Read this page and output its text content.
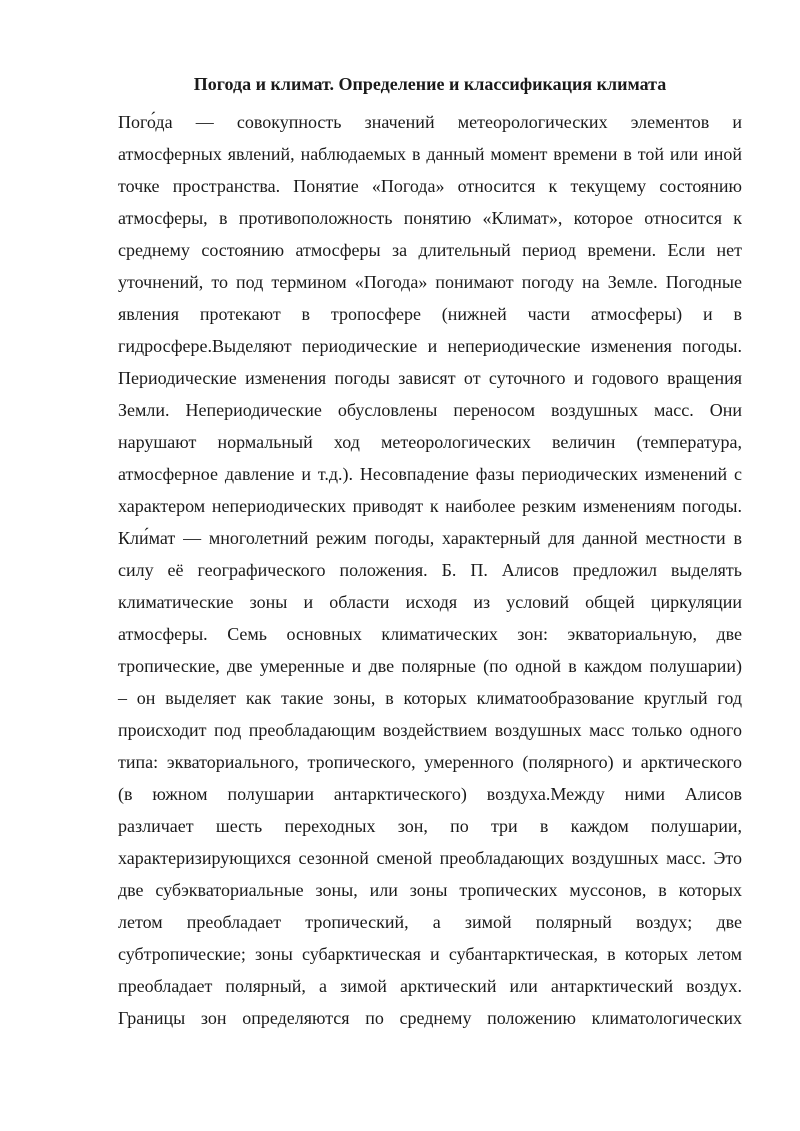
Погода и климат. Определение и классификация климата
Пого́да — совокупность значений метеорологических элементов и
атмосферных явлений, наблюдаемых в данный момент времени в той или иной
точке пространства. Понятие «Погода» относится к текущему состоянию
атмосферы, в противоположность понятию «Климат», которое относится к
среднему состоянию атмосферы за длительный период времени. Если нет
уточнений, то под термином «Погода» понимают погоду на Земле. Погодные
явления протекают в тропосфере (нижней части атмосферы) и в
гидросфере.Выделяют периодические и непериодические изменения погоды.
Периодические изменения погоды зависят от суточного и годового вращения
Земли. Непериодические обусловлены переносом воздушных масс. Они
нарушают нормальный ход метеорологических величин (температура,
атмосферное давление и т.д.). Несовпадение фазы периодических изменений с
характером непериодических приводят к наиболее резким изменениям погоды.
Кли́мат — многолетний режим погоды, характерный для данной местности в
силу её географического положения. Б. П. Алисов предложил выделять
климатические зоны и области исходя из условий общей циркуляции
атмосферы. Семь основных климатических зон: экваториальную, две
тропические, две умеренные и две полярные (по одной в каждом полушарии)
– он выделяет как такие зоны, в которых климатообразование круглый год
происходит под преобладающим воздействием воздушных масс только одного
типа: экваториального, тропического, умеренного (полярного) и арктического
(в южном полушарии антарктического) воздуха.Между ними Алисов
различает шесть переходных зон, по три в каждом полушарии,
характеризирующихся сезонной сменой преобладающих воздушных масс. Это
две субэкваториальные зоны, или зоны тропических муссонов, в которых
летом преобладает тропический, а зимой полярный воздух; две
субтропические; зоны субарктическая и субантарктическая, в которых летом
преобладает полярный, а зимой арктический или антарктический воздух.
Границы зон определяются по среднему положению климатологических
